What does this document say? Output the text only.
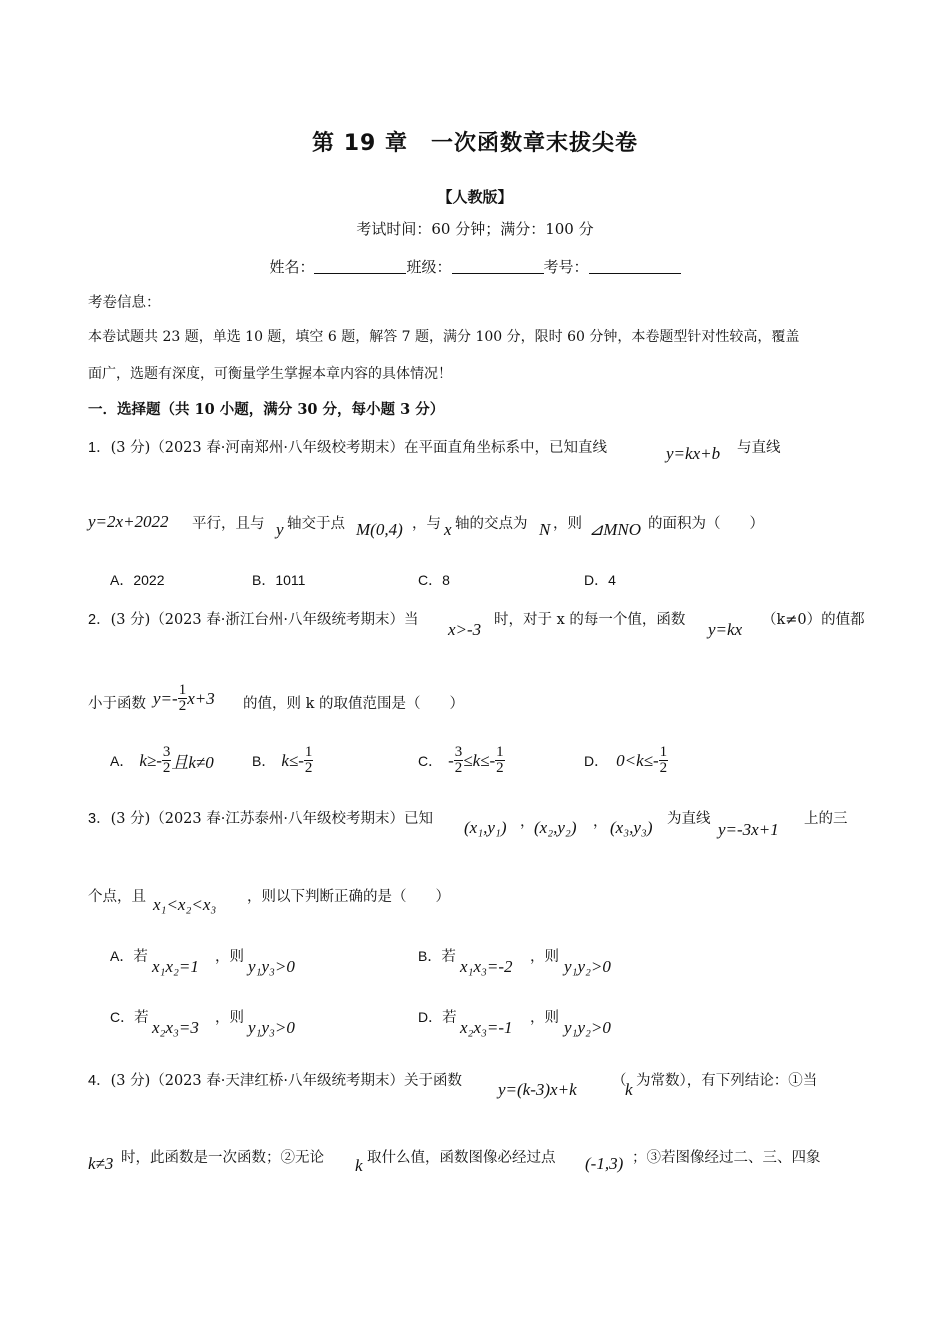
第 19 章　一次函数章末拔尖卷
【人教版】
考试时间：60 分钟；满分：100 分
姓名：	班级：	考号：
考卷信息：
本卷试题共 23 题，单选 10 题，填空 6 题，解答 7 题，满分 100 分，限时 60 分钟，本卷题型针对性较高，覆盖
面广，选题有深度，可衡量学生掌握本章内容的具体情况！
一．选择题（共 10 小题，满分 30 分，每小题 3 分）
1．(3 分)（2023 春·河南郑州·八年级校考期末）在平面直角坐标系中，已知直线	y=kx+b 与直线
y=2x+2022 平行，且与 y 轴交于点 M(0,4) ，与 x 轴的交点为 N ，则 ⊿MNO 的面积为（　　）
A．2022	B．1011	C．8	D．4
2．(3 分)（2023 春·浙江台州·八年级统考期末）当 x>-3 时，对于 x 的每一个值，函数 y=kx （k≠0）的值都
小于函数 $y=- \frac{1}{2} x+3$ 的值，则 k 的取值范围是（　　）
A． $k\ge- \frac{3}{2}$ 且k≠0	B． $k\le- \frac{1}{2}$	C． - $\frac{3}{2} \le k\le- \frac{1}{2}$	D． $0<k\le- \frac{1}{2}$
3．(3 分)（2023 春·江苏泰州·八年级校考期末）已知 (x₁,y₁) ， (x₂,y₂) ， (x₃,y₃) 为直线
y=-3x+1
上的三
个点，且 x₁<x₂<x₃ ，则以下判断正确的是（　　）
A．若 x₁x₂=1 ，则 y₁y₃>0
B．若 x₁x₃=-2 ，则 y₁y₂>0
C．若 x₂x₃=3 ，则 y₁y₃>0
D．若 x₂x₃=-1 ，则 y₁y₂>0
4．(3 分)（2023 春·天津红桥·八年级统考期末）关于函数 y=(k-3)x+k （
k 为常数），有下列结论：①当
k≠3 时，此函数是一次函数；②无论 k 取什么值，函数图像必经过点 (-1,3) ；③若图像经过二、三、四象
